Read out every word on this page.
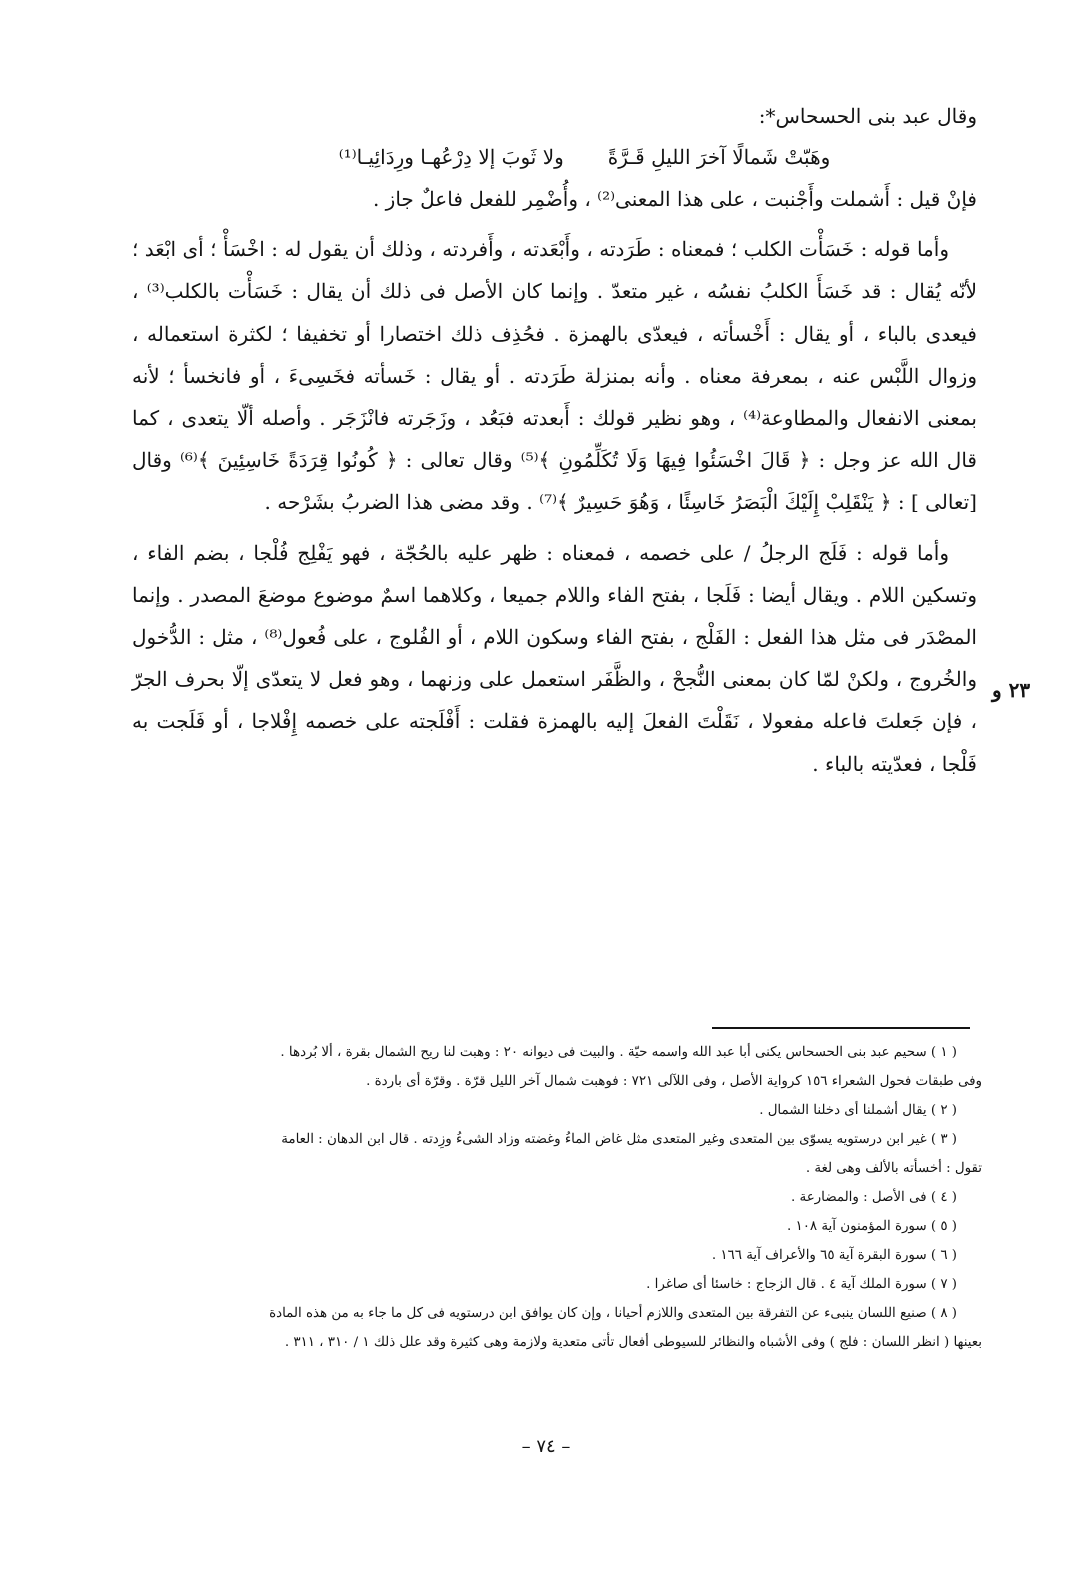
وقال عبد بنى الحسحاس*:

وهَبّتْ شَمالًا آخرَ الليلِ قَـرَّةً
ولا ثَوبَ إلا دِرْعُهـا ورِدَائِيـا⁽¹⁾

فإنْ قيل : أَشملت وأَجْنبت ، على هذا المعنى⁽²⁾ ، وأُضْمِر للفعل فاعلٌ جاز .

وأما قوله : خَسَأْت الكلب ؛ فمعناه : طَرَدته ، وأَبْعَدته ، وأَفردته ، وذلك أن يقول له : اخْسَأْ ؛ أى ابْعَد ؛ لأنّه يُقال : قد خَسَأَ الكلبُ نفسُه ، غير متعدّ . وإنما كان الأصل فى ذلك أن يقال : خَسَأْت بالكلب⁽³⁾ ، فيعدى بالباء ، أو يقال : أَخْسأته ، فيعدّى بالهمزة . فحُذِف ذلك اختصارا أو تخفيفا ؛ لكثرة استعماله ، وزوال اللَّبْس عنه ، بمعرفة معناه . وأنه بمنزلة طَرَدته . أو يقال : خَسأته فخَسِىءَ ، أو فانخسأ ؛ لأنه بمعنى الانفعال والمطاوعة⁽⁴⁾ ، وهو نظير قولك : أَبعدته فبَعُد ، وزَجَرته فانْزَجَر . وأصله ألّا يتعدى ، كما قال الله عز وجل : ﴿ قَالَ اخْسَئُوا فِيهَا وَلَا تُكَلِّمُونِ ﴾⁽⁵⁾ وقال تعالى : ﴿ كُونُوا قِرَدَةً خَاسِئِينَ ﴾⁽⁶⁾ وقال [تعالى ] : ﴿ يَنْقَلِبْ إِلَيْكَ الْبَصَرُ خَاسِئًا ، وَهُوَ حَسِيرٌ ﴾⁽⁷⁾ . وقد مضى هذا الضربُ بشَرْحه .

وأما قوله : فَلَج الرجلُ / على خصمه ، فمعناه : ظهر عليه بالحُجّة ، فهو يَفْلِج فُلْجا ، بضم الفاء ، وتسكين اللام . ويقال أيضا : فَلَجا ، بفتح الفاء واللام جميعا ، وكلاهما اسمٌ موضوع موضعَ المصدر . وإنما المصْدَر فى مثل هذا الفعل : الفَلْج ، بفتح الفاء وسكون اللام ، أو الفُلوج ، على فُعول⁽⁸⁾ ، مثل : الدُّخول والخُروج ، ولكنْ لمّا كان بمعنى النُّجحْ ، والظَّفَر استعمل على وزنهما ، وهو فعل لا يتعدّى إلّا بحرف الجرّ ، فإن جَعلتَ فاعله مفعولا ، نَقَلْتَ الفعلَ إليه بالهمزة فقلت : أَفْلَجته على خصمه إِفْلاجا ، أو فَلَجت به فَلْجا ، فعدّيته بالباء .

٢٣ و

( ١ ) سحيم عبد بنى الحسحاس يكنى أبا عبد الله واسمه حيّة . والبيت فى ديوانه ٢٠ : وهبت لنا ريح الشمال بقرة ، ألا بُردها .

وفى طبقات فحول الشعراء ١٥٦ كرواية الأصل ، وفى اللآلى ٧٢١ : فوهبت شمال آخر الليل قرّة . وقرّة أى باردة .

( ٢ ) يقال أشملنا أى دخلنا الشمال .

( ٣ ) غير ابن درستويه يسوّى بين المتعدى وغير المتعدى مثل غاض الماءُ وغضته وزاد الشىءُ وزِدته . قال ابن الدهان : العامة

تقول : أخسأته بالألف وهى لغة .

( ٤ ) فى الأصل : والمضارعة .

( ٥ ) سورة المؤمنون آية ١٠٨ .

( ٦ ) سورة البقرة آية ٦٥ والأعراف آية ١٦٦ .

( ٧ ) سورة الملك آية ٤ . قال الزجاج : خاسئا أى صاغرا .

( ٨ ) صنيع اللسان ينبىء عن التفرقة بين المتعدى واللازم أحيانا ، وإن كان يوافق ابن درستويه فى كل ما جاء به من هذه المادة

بعينها ( انظر اللسان : فلج ) وفى الأشباه والنظائر للسيوطى أفعال تأتى متعدية ولازمة وهى كثيرة وقد علل ذلك ١ / ٣١٠ ، ٣١١ .

– ٧٤ –
